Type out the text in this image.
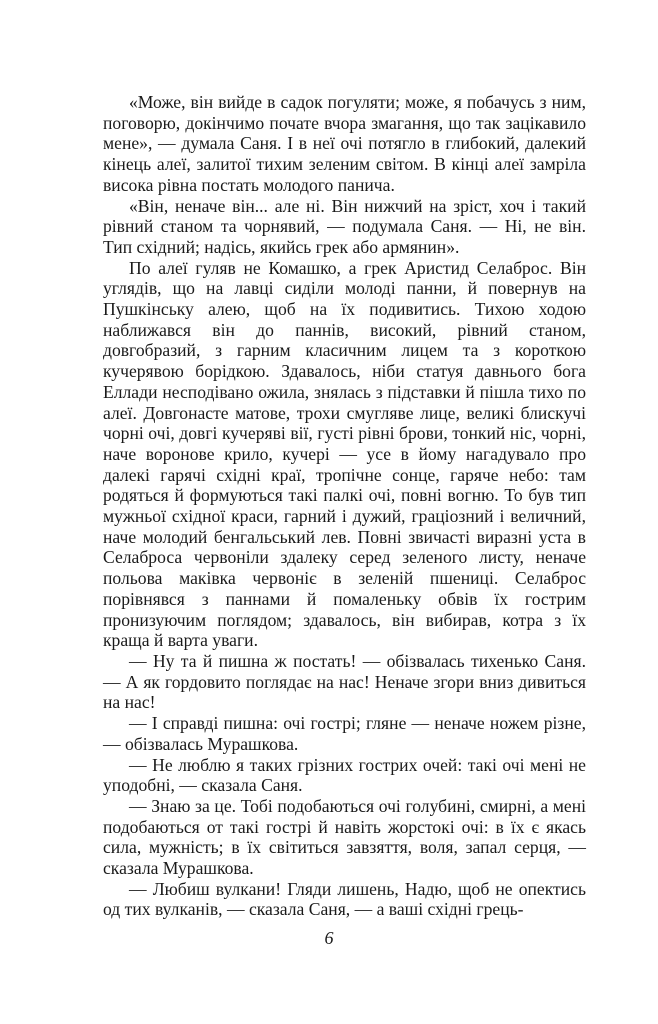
«Може, він вийде в садок погуляти; може, я побачусь з ним, поговорю, докінчимо почате вчора змагання, що так зацікавило мене», — думала Саня. І в неї очі потягло в глибокий, далекий кінець алеї, залитої тихим зеленим світом. В кінці алеї замріла висока рівна постать молодого панича.

«Він, неначе він... але ні. Він нижчий на зріст, хоч і такий рівний станом та чорнявий, — подумала Саня. — Ні, не він. Тип східний; надісь, якийсь грек або армянин».

По алеї гуляв не Комашко, а грек Аристид Селаброс. Він углядів, що на лавці сиділи молоді панни, й повернув на Пушкінську алею, щоб на їх подивитись. Тихою ходою наближався він до паннів, високий, рівний станом, довгобразий, з гарним класичним лицем та з короткою кучерявою борідкою. Здавалось, ніби статуя давнього бога Еллади несподівано ожила, знялась з підставки й пішла тихо по алеї. Довгонасте матове, трохи смугляве лице, великі блискучі чорні очі, довгі кучеряві вії, густі рівні брови, тонкий ніс, чорні, наче воронове крило, кучері — усе в йому нагадувало про далекі гарячі східні краї, тропічне сонце, гаряче небо: там родяться й формуються такі палкі очі, повні вогню. То був тип мужньої східної краси, гарний і дужий, граціозний і величний, наче молодий бенгальський лев. Повні звичасті виразні уста в Селаброса червоніли здалеку серед зеленого листу, неначе польова маківка червоніє в зеленій пшениці. Селаброс порівнявся з паннами й помаленьку обвів їх гострим пронизуючим поглядом; здавалось, він вибирав, котра з їх краща й варта уваги.

— Ну та й пишна ж постать! — обізвалась тихенько Саня. — А як гордовито поглядає на нас! Неначе згори вниз дивиться на нас!

— І справді пишна: очі гострі; гляне — неначе ножем різне, — обізвалась Мурашкова.

— Не люблю я таких грізних гострих очей: такі очі мені не уподобні, — сказала Саня.

— Знаю за це. Тобі подобаються очі голубині, смирні, а мені подобаються от такі гострі й навіть жорстокі очі: в їх є якась сила, мужність; в їх світиться завзяття, воля, запал серця, — сказала Мурашкова.

— Любиш вулкани! Гляди лишень, Надю, щоб не опектись од тих вулканів, — сказала Саня, — а ваші східні грець-

6
